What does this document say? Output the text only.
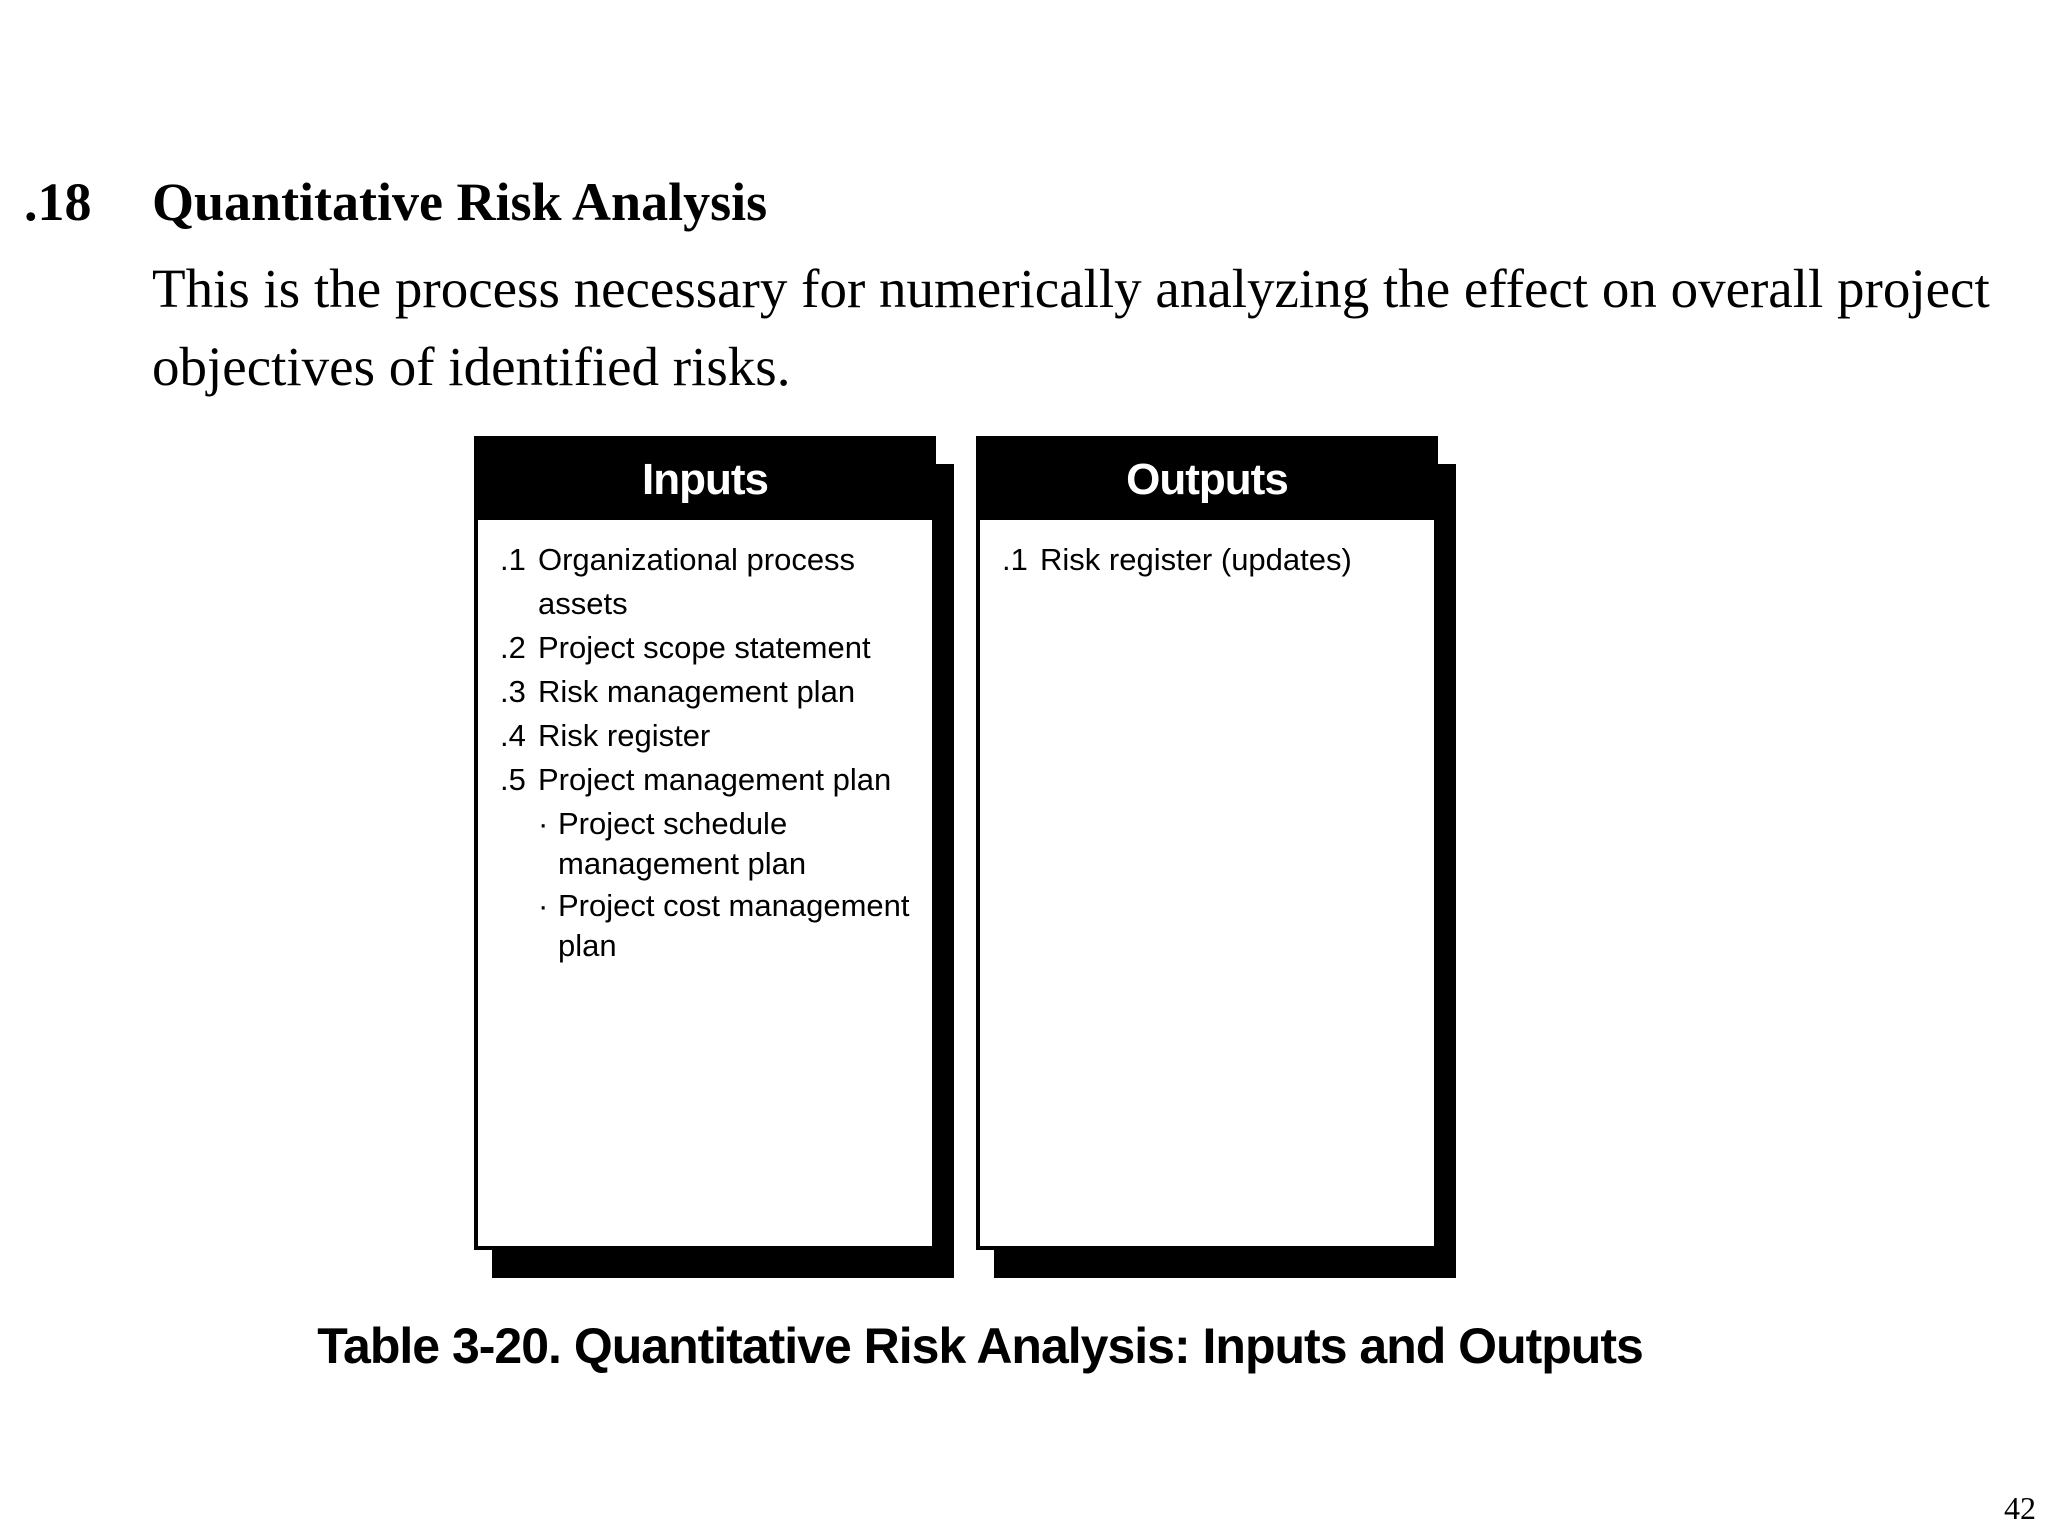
.18 Quantitative Risk Analysis
This is the process necessary for numerically analyzing the effect on overall project objectives of identified risks.
Inputs
.1 Organizational process assets
.2 Project scope statement
.3 Risk management plan
.4 Risk register
.5 Project management plan
· Project schedule management plan
· Project cost management plan
Outputs
.1 Risk register (updates)
Table 3-20. Quantitative Risk Analysis: Inputs and Outputs
42
